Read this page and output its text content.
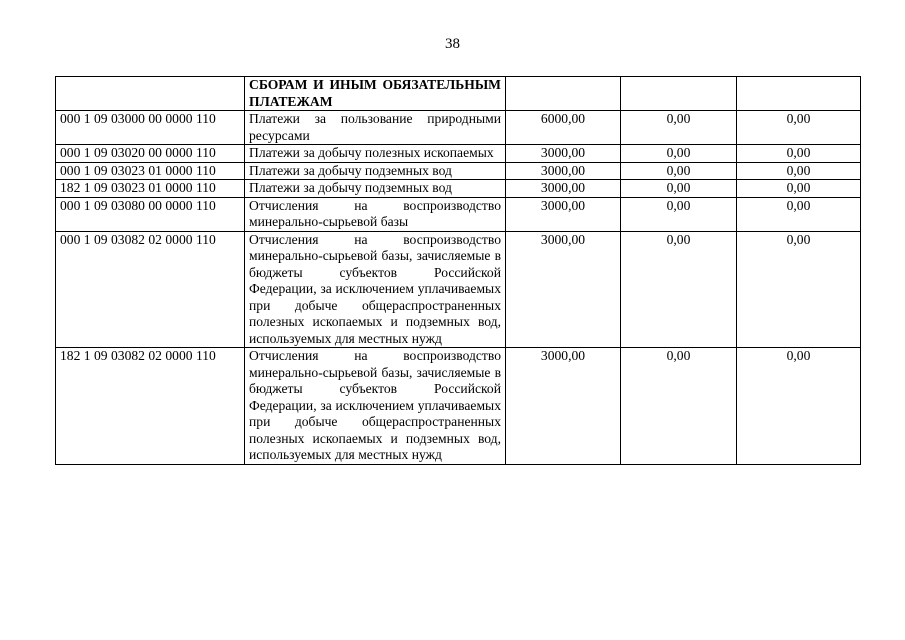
38
	СБОРАМ И ИНЫМ ОБЯЗАТЕЛЬНЫМ ПЛАТЕЖАМ			
000 1 09 03000 00 0000 110	Платежи за пользование природными ресурсами	6000,00	0,00	0,00
000 1 09 03020 00 0000 110	Платежи за добычу полезных ископаемых	3000,00	0,00	0,00
000 1 09 03023 01 0000 110	Платежи за добычу подземных вод	3000,00	0,00	0,00
182 1 09 03023 01 0000 110	Платежи за добычу подземных вод	3000,00	0,00	0,00
000 1 09 03080 00 0000 110	Отчисления на воспроизводство минерально-сырьевой базы	3000,00	0,00	0,00
000 1 09 03082 02 0000 110	Отчисления на воспроизводство минерально-сырьевой базы, зачисляемые в бюджеты субъектов Российской Федерации, за исключением уплачиваемых при добыче общераспространенных полезных ископаемых и подземных вод, используемых для местных нужд	3000,00	0,00	0,00
182 1 09 03082 02 0000 110	Отчисления на воспроизводство минерально-сырьевой базы, зачисляемые в бюджеты субъектов Российской Федерации, за исключением уплачиваемых при добыче общераспространенных полезных ископаемых и подземных вод, используемых для местных нужд	3000,00	0,00	0,00
